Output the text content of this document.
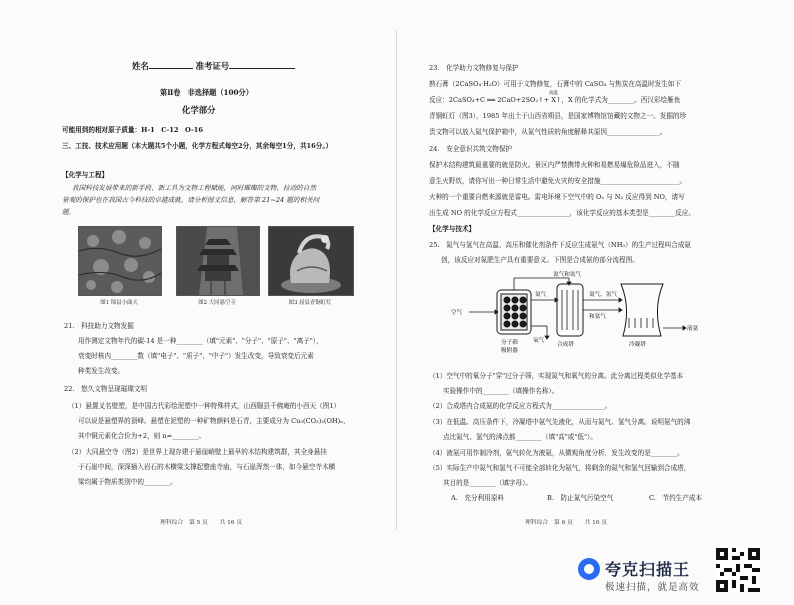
姓名	准考证号
第Ⅱ卷　非选择题（100分）
化学部分
可能用到的相对原子质量：H-1　C-12　O-16
三、工技、技术应用题（本大题共5个小题，化学方程式每空2分，其余每空1分，共16分。）
【化学与工程】
我国科技发展带来的新手段、新工具为文物工程赋能，同时璀璨的文物、拉动的自然
景观的保护也在我国古今科技的卓越成就。请分析图文信息，解答第 21~24 题的相关问
题。
图1 锦县小曲天	图2 大同悬空寺	图3 屈县青铜虹灯
21.　科技助力文物发掘
用作测定文物年代的碳-14 是一种________（填"元素"、"分子"、"原子"、"离子"），
衰变时核内________数（填"电子"、"质子"、"中子"）发生改变，导致衰变后元素
种类发生改变。
22.　悠久文物呈现璀璨文明
（1）悬置叉名壁塑，是中国古代彩绘泥塑中一种特殊样式，山西隰县千佛庵的小西天（图1）
可以说是悬塑界的顶峰。悬塑在泥塑的一种矿物颜料是石青，主要成分为 Cu₃(CO₃)₂(OH)ₙ，
其中铜元素化合价为+2，则 n=________。
（2）大同悬空寺（图2）是世界上现存建于悬崖峭壁上最早的木结构建筑群，其全身悬挂
于石崖中间，深深插入岩石的木横梁支撑起整座寺庙，与石崖浑然一体，如今悬空寺木横
梁均属于物质类别中的________。
理科综合　第 5 页　　共 16 页
23.　化学助力文物修复与保护
熟石膏（2CaSO₄·H₂O）可用于文物修复，石膏中的 CaSO₄ 与焦炭在高温时发生如下
高温
反应：2CaSO₄+C ══ 2CaO+2SO₂↑+ X↑，X 的化学式为________。西汉彩绘雁鱼
青铜虹灯（图3），1985 年出土于山西省朔县，是国家博物馆馆藏的文物之一。发掘的珍
贵文物可以放入氮气保护箱中，从氮气性质的角度解释其原因________________。
24.　安全意识共筑文物保护
保护木结构建筑最重要的就是防火。景区内严禁携带火种和易燃易爆危险品进入，不随
意生火野炊，请你写出一种日常生活中避免火灾的安全措施________________________。
火种的一个重要自燃来源就是雷电。雷电环境下空气中的 O₂ 与 N₂ 反应得到 NO，请写
出生成 NO 的化学反应方程式________________，该化学反应的基本类型是________反应。
【化学与技术】
25.　氮气与氢气在高温、高压和催化剂条件下反应生成氨气（NH₃）的生产过程叫合成氨
创，该反应对氮肥生产具有重要意义。下图是合成氨的部分流程图。
氮气和氢气
空气
氮气
氧气
氮气、氢气
和氨气
液氨
分子筛
吸附器
合成塔	冷凝塔
（1）空气中的氧分子"穿"过分子筛，实现氮气和氧气的分离。此分离过程类似化学基本
实验操作中的________（填操作名称）。
（2）合成塔内合成氨的化学反应方程式为________________。
（3）在低温、高压条件下，冷凝塔中氨气先液化，从而与氮气、氢气分离。说明氨气的沸
点比氮气、氢气的沸点都________（填"高"或"低"）。
（4）液氨可用作制冷剂，氨气转化为液氨，从微观角度分析，发生改变的是________。
（5）实际生产中氮气和氢气不可能全部转化为氨气，将剩余的氮气和氢气回输到合成塔，
其目的是________（填字母）。
A.　充分利用原料	B.　防止氮气污染空气	C.　节约生产成本
理科综合　第 6 页　　共 16 页
夸克扫描王
极速扫描，就是高效
